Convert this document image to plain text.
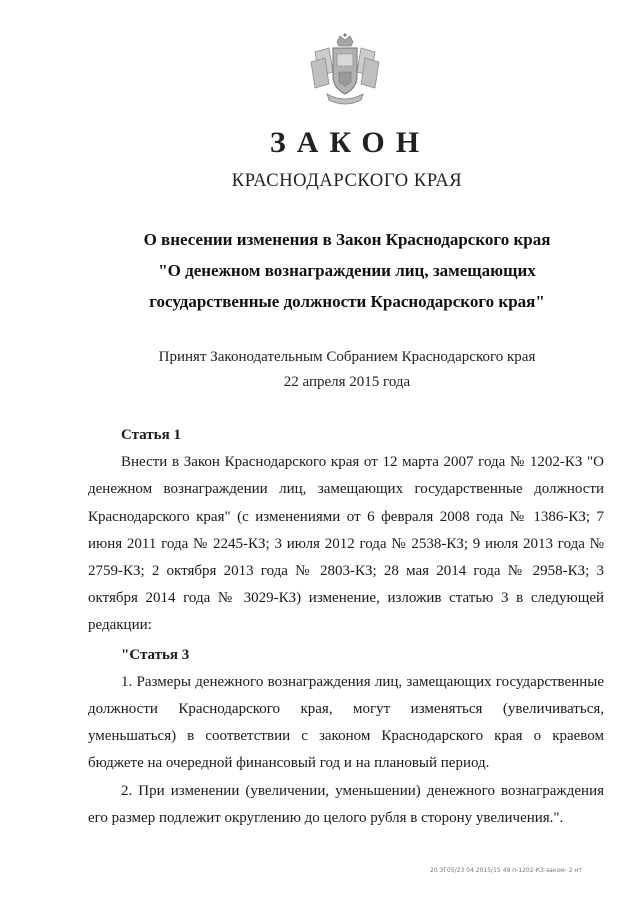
ЗАКОН
КРАСНОДАРСКОГО КРАЯ
О внесении изменения в Закон Краснодарского края
"О денежном вознаграждении лиц, замещающих
государственные должности Краснодарского края"
Принят Законодательным Собранием Краснодарского края
22 апреля 2015 года
Статья 1

Внести в Закон Краснодарского края от 12 марта 2007 года № 1202-КЗ "О денежном вознаграждении лиц, замещающих государственные должности Краснодарского края" (с изменениями от 6 февраля 2008 года № 1386-КЗ; 7 июня 2011 года № 2245-КЗ; 3 июля 2012 года № 2538-КЗ; 9 июля 2013 года № 2759-КЗ; 2 октября 2013 года № 2803-КЗ; 28 мая 2014 года № 2958-КЗ; 3 октября 2014 года № 3029-КЗ) изменение, изложив статью 3 в следующей редакции:

"Статья 3

1. Размеры денежного вознаграждения лиц, замещающих государственные должности Краснодарского края, могут изменяться (увеличиваться, уменьшаться) в соответствии с законом Краснодарского края о краевом бюджете на очередной финансовый год и на плановый период.

2. При изменении (увеличении, уменьшении) денежного вознаграждения его размер подлежит округлению до целого рубля в сторону увеличения.".

20 ЗГ05/23 04 2015/15 49 п-1202-КЗ-заком- 2 нт
